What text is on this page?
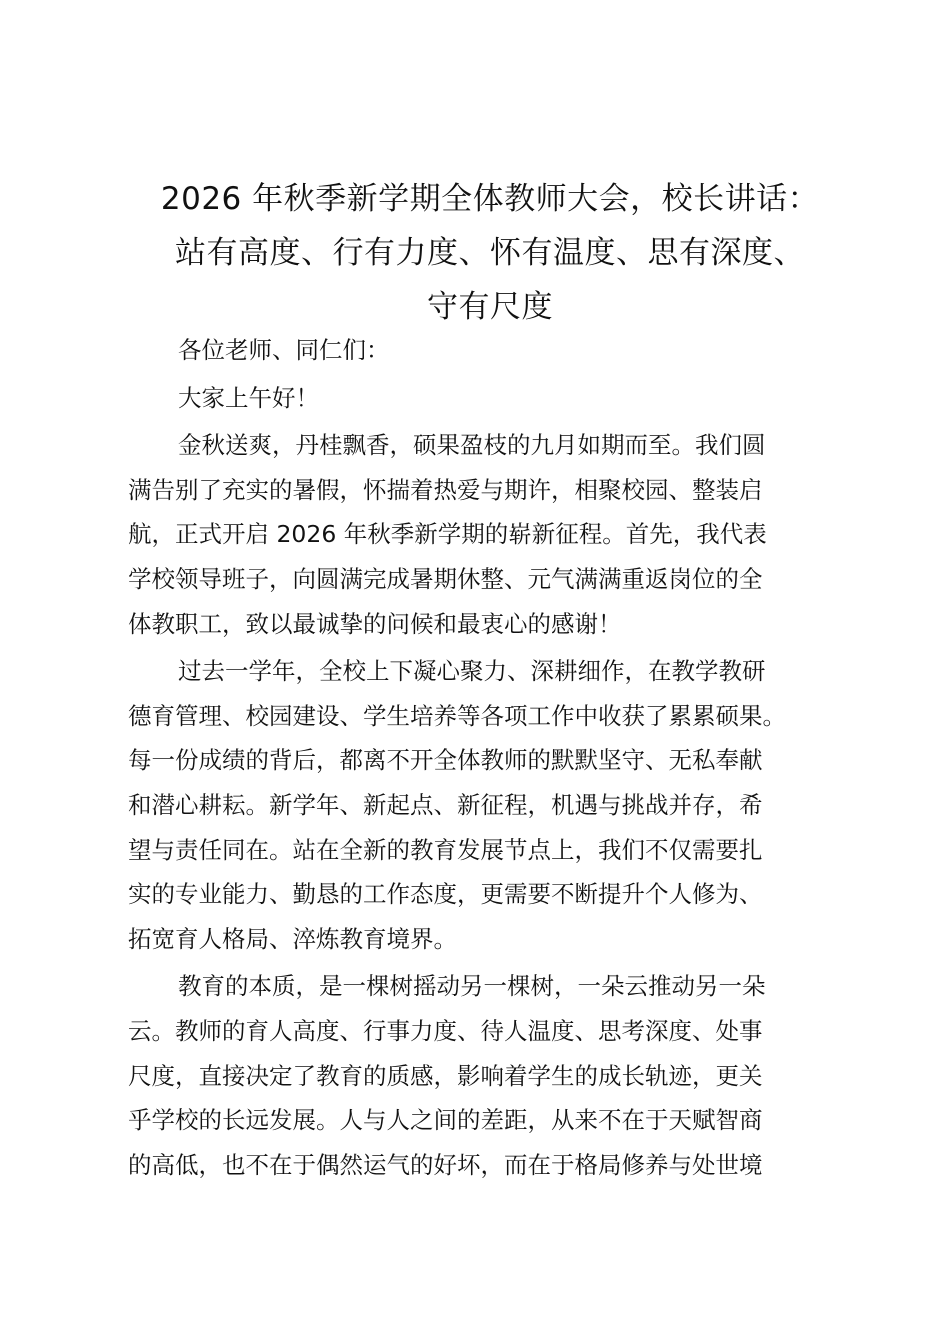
2026 年秋季新学期全体教师大会，校长讲话：
站有高度、行有力度、怀有温度、思有深度、
守有尺度

各位老师、同仁们：

大家上午好！

金秋送爽，丹桂飘香，硕果盈枝的九月如期而至。我们圆
满告别了充实的暑假，怀揣着热爱与期许，相聚校园、整装启
航，正式开启 2026 年秋季新学期的崭新征程。首先，我代表
学校领导班子，向圆满完成暑期休整、元气满满重返岗位的全
体教职工，致以最诚挚的问候和最衷心的感谢！

过去一学年，全校上下凝心聚力、深耕细作，在教学教研
德育管理、校园建设、学生培养等各项工作中收获了累累硕果。
每一份成绩的背后，都离不开全体教师的默默坚守、无私奉献
和潜心耕耘。新学年、新起点、新征程，机遇与挑战并存，希
望与责任同在。站在全新的教育发展节点上，我们不仅需要扎
实的专业能力、勤恳的工作态度，更需要不断提升个人修为、
拓宽育人格局、淬炼教育境界。

教育的本质，是一棵树摇动另一棵树，一朵云推动另一朵
云。教师的育人高度、行事力度、待人温度、思考深度、处事
尺度，直接决定了教育的质感，影响着学生的成长轨迹，更关
乎学校的长远发展。人与人之间的差距，从来不在于天赋智商
的高低，也不在于偶然运气的好坏，而在于格局修养与处世境
